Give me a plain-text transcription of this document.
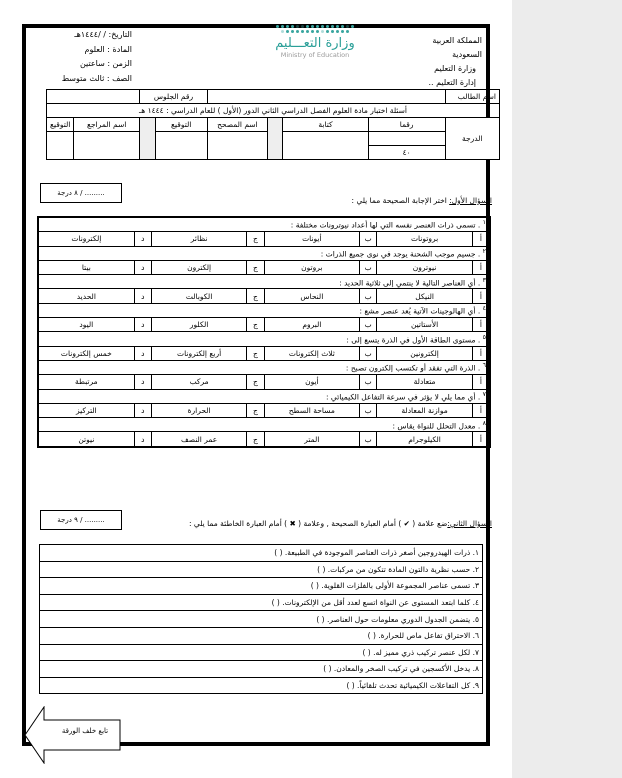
المملكة العربية السعودية
وزارة التعليم
إدارة التعليم ..
وزارة التعـــليم
Ministry of Education
التاريخ: / /١٤٤٤هـ
المادة : العلوم
الزمن : ساعتين
الصف : ثالث متوسط
اسم الطالب					رقم الجلوس			
أسئلة اختبار مادة العلوم الفصل الدراسي الثاني الدور (الأول ) للعام الدراسي : ١٤٤٤ هـ								
الدرجة	رقما	كتابة		اسم المصحح	التوقيع		اسم المراجع	التوقيع

	٤٠							
......... / ٨ درجة
السؤال الأول: اختر الإجابة الصحيحة مما يلي :
$^١$ . تسمى ذرات العنصر نفسه التي لها أعداد نيوترونات مختلفة :							
أ	بروتونات	ب	أيونات	ج	نظائر	د	إلكترونات
$^٢$ . جسيم موجب الشحنة يوجد في نوى جميع الذرات :							
أ	نيوترون	ب	بروتون	ج	إلكترون	د	بيتا
$^٣$ . أي العناصر التالية لا ينتمي إلى ثلاثية الحديد :							
أ	النيكل	ب	النحاس	ج	الكوبالت	د	الحديد
$^٤$ . أي الهالوجينات الآتية يُعد عنصر مشع :							
أ	الأستاتين	ب	البروم	ج	الكلور	د	اليود
$^٥$ . مستوى الطاقة الأول في الذرة يتسع إلى :							
أ	إلكترونين	ب	ثلاث إلكترونات	ج	أربع إلكترونات	د	خمس إلكترونات
$^٦$ . الذرة التي تفقد أو تكتسب إلكترون تصبح :							
أ	متعادلة	ب	أيون	ج	مركب	د	مرتبطة
$^٧$ . أي مما يلي لا يؤثر في سرعة التفاعل الكيميائي :							
أ	موازنة المعادلة	ب	مساحة السطح	ج	الحرارة	د	التركيز
$^٨$ . معدل التحلل للنواة يقاس :							
أ	الكيلوجرام	ب	المتر	ج	عمر النصف	د	نيوتن
......... / ٩ درجة	السؤال الثاني:ضع علامة ( ✔ ) أمام العبارة الصحيحة , وعلامة ( ✖ ) أمام العبارة الخاطئة مما يلي :
١. ذرات الهيدروجين أصغر ذرات العناصر الموجودة في الطبيعة. ( )
٢. حسب نظرية دالتون المادة تتكون من مركبات. ( )
٣. تسمى عناصر المجموعة الأولى بالفلزات القلوية. ( )
٤. كلما ابتعد المستوى عن النواة اتسع لعدد أقل من الإلكترونات. ( )
٥. يتضمن الجدول الدوري معلومات حول العناصر. ( )
٦. الاحتراق تفاعل ماص للحرارة. ( )
٧. لكل عنصر تركيب ذري مميز له. ( )
٨. يدخل الأكسجين في تركيب الصخر والمعادن. ( )
٩. كل التفاعلات الكيميائية تحدث تلقائياً. ( )
تابع خلف الورقة
